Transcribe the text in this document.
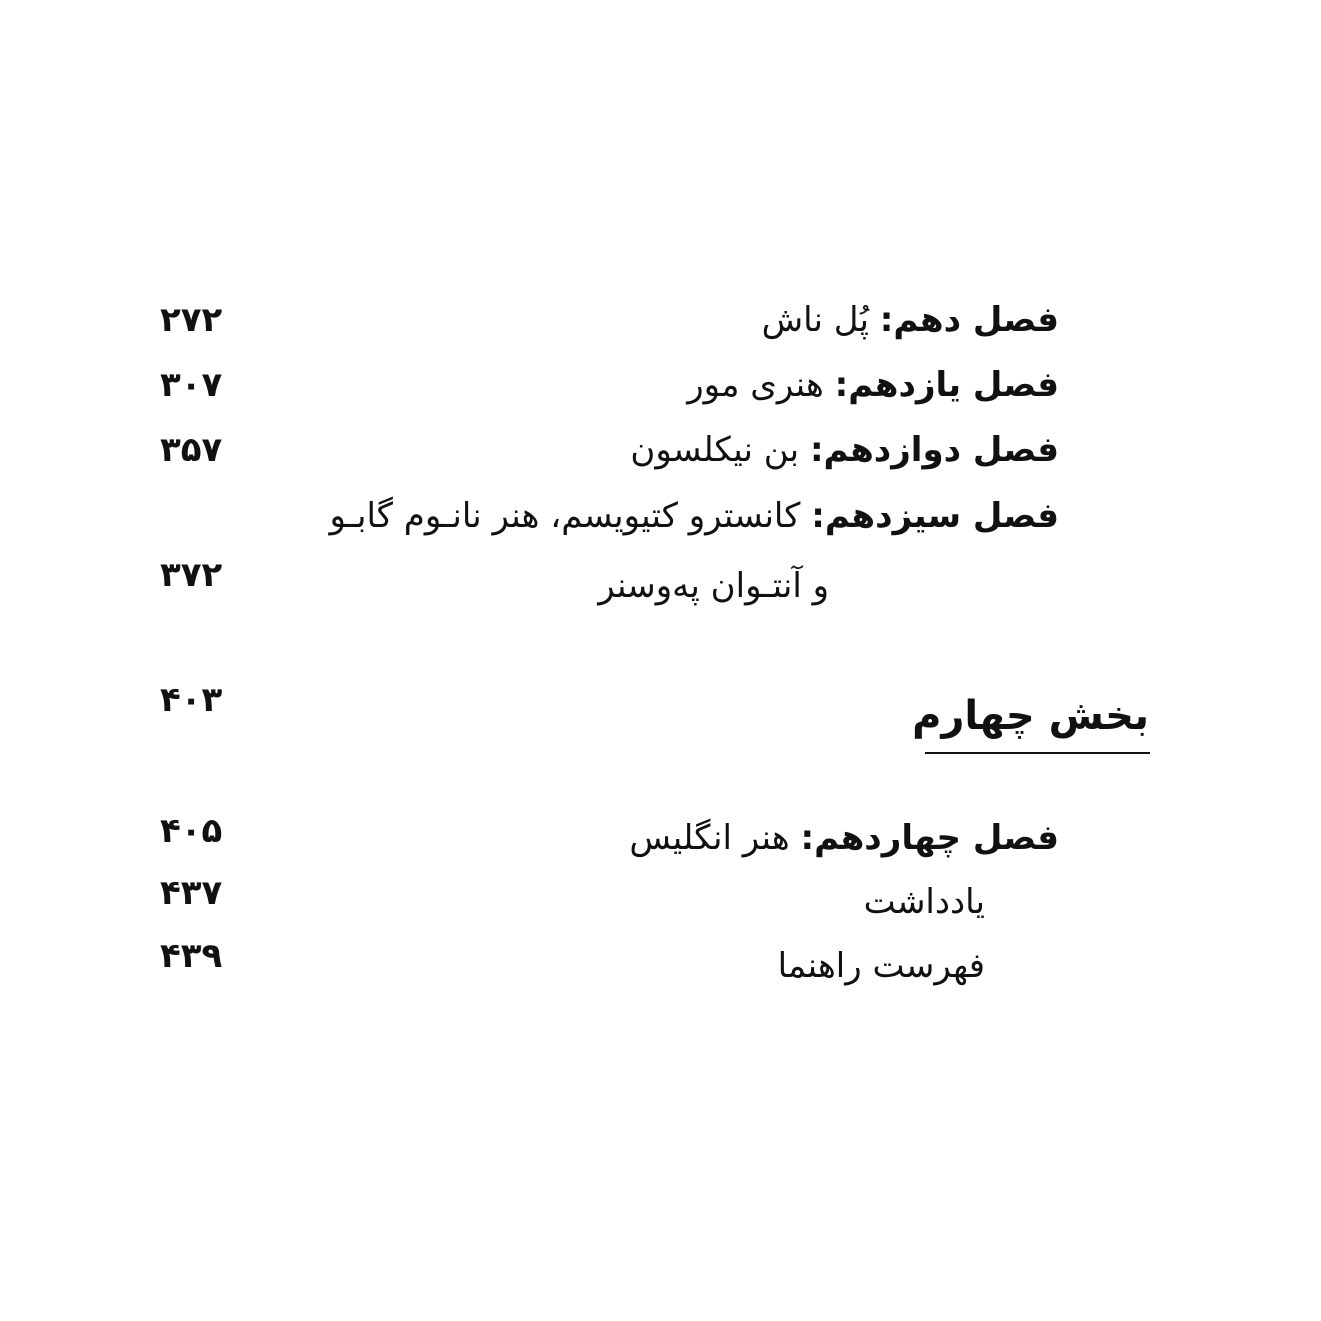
فصل دهم: پُل ناش
۲۷۲
فصل یازدهم: هنری مور
۳۰۷
فصل دوازدهم: بن نیکلسون
۳۵۷
فصل سیزدهم: کانسترو کتیویسم، هنر نانـوم گابـو
و آنتـوان په‌وسنر
۳۷۲
بخش چهارم
۴۰۳
فصل چهاردهم: هنر انگلیس
۴۰۵
یادداشت
۴۳۷
فهرست راهنما
۴۳۹
